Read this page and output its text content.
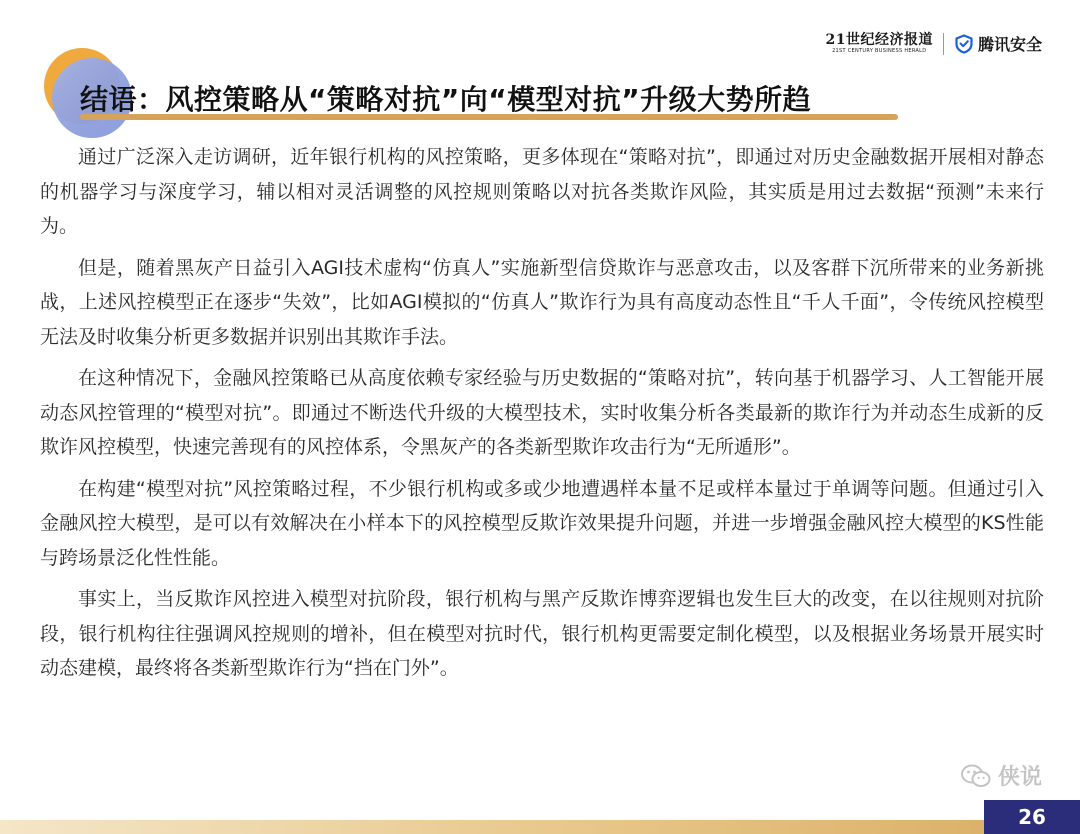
21世纪经济报道
21ST CENTURY BUSINESS HERALD	腾讯安全
结语：风控策略从“策略对抗”向“模型对抗”升级大势所趋

通过广泛深入走访调研，近年银行机构的风控策略，更多体现在“策略对抗”，即通过对历史金融数据开展相对静态的机器学习与深度学习，辅以相对灵活调整的风控规则策略以对抗各类欺诈风险，其实质是用过去数据“预测”未来行为。

但是，随着黑灰产日益引入AGI技术虚构“仿真人”实施新型信贷欺诈与恶意攻击，以及客群下沉所带来的业务新挑战，上述风控模型正在逐步“失效”，比如AGI模拟的“仿真人”欺诈行为具有高度动态性且“千人千面”，令传统风控模型无法及时收集分析更多数据并识别出其欺诈手法。

在这种情况下，金融风控策略已从高度依赖专家经验与历史数据的“策略对抗”，转向基于机器学习、人工智能开展动态风控管理的“模型对抗”。即通过不断迭代升级的大模型技术，实时收集分析各类最新的欺诈行为并动态生成新的反欺诈风控模型，快速完善现有的风控体系，令黑灰产的各类新型欺诈攻击行为“无所遁形”。

在构建“模型对抗”风控策略过程，不少银行机构或多或少地遭遇样本量不足或样本量过于单调等问题。但通过引入金融风控大模型，是可以有效解决在小样本下的风控模型反欺诈效果提升问题，并进一步增强金融风控大模型的KS性能与跨场景泛化性性能。

事实上，当反欺诈风控进入模型对抗阶段，银行机构与黑产反欺诈博弈逻辑也发生巨大的改变，在以往规则对抗阶段，银行机构往往强调风控规则的增补，但在模型对抗时代，银行机构更需要定制化模型，以及根据业务场景开展实时动态建模，最终将各类新型欺诈行为“挡在门外”。

侠说
26
